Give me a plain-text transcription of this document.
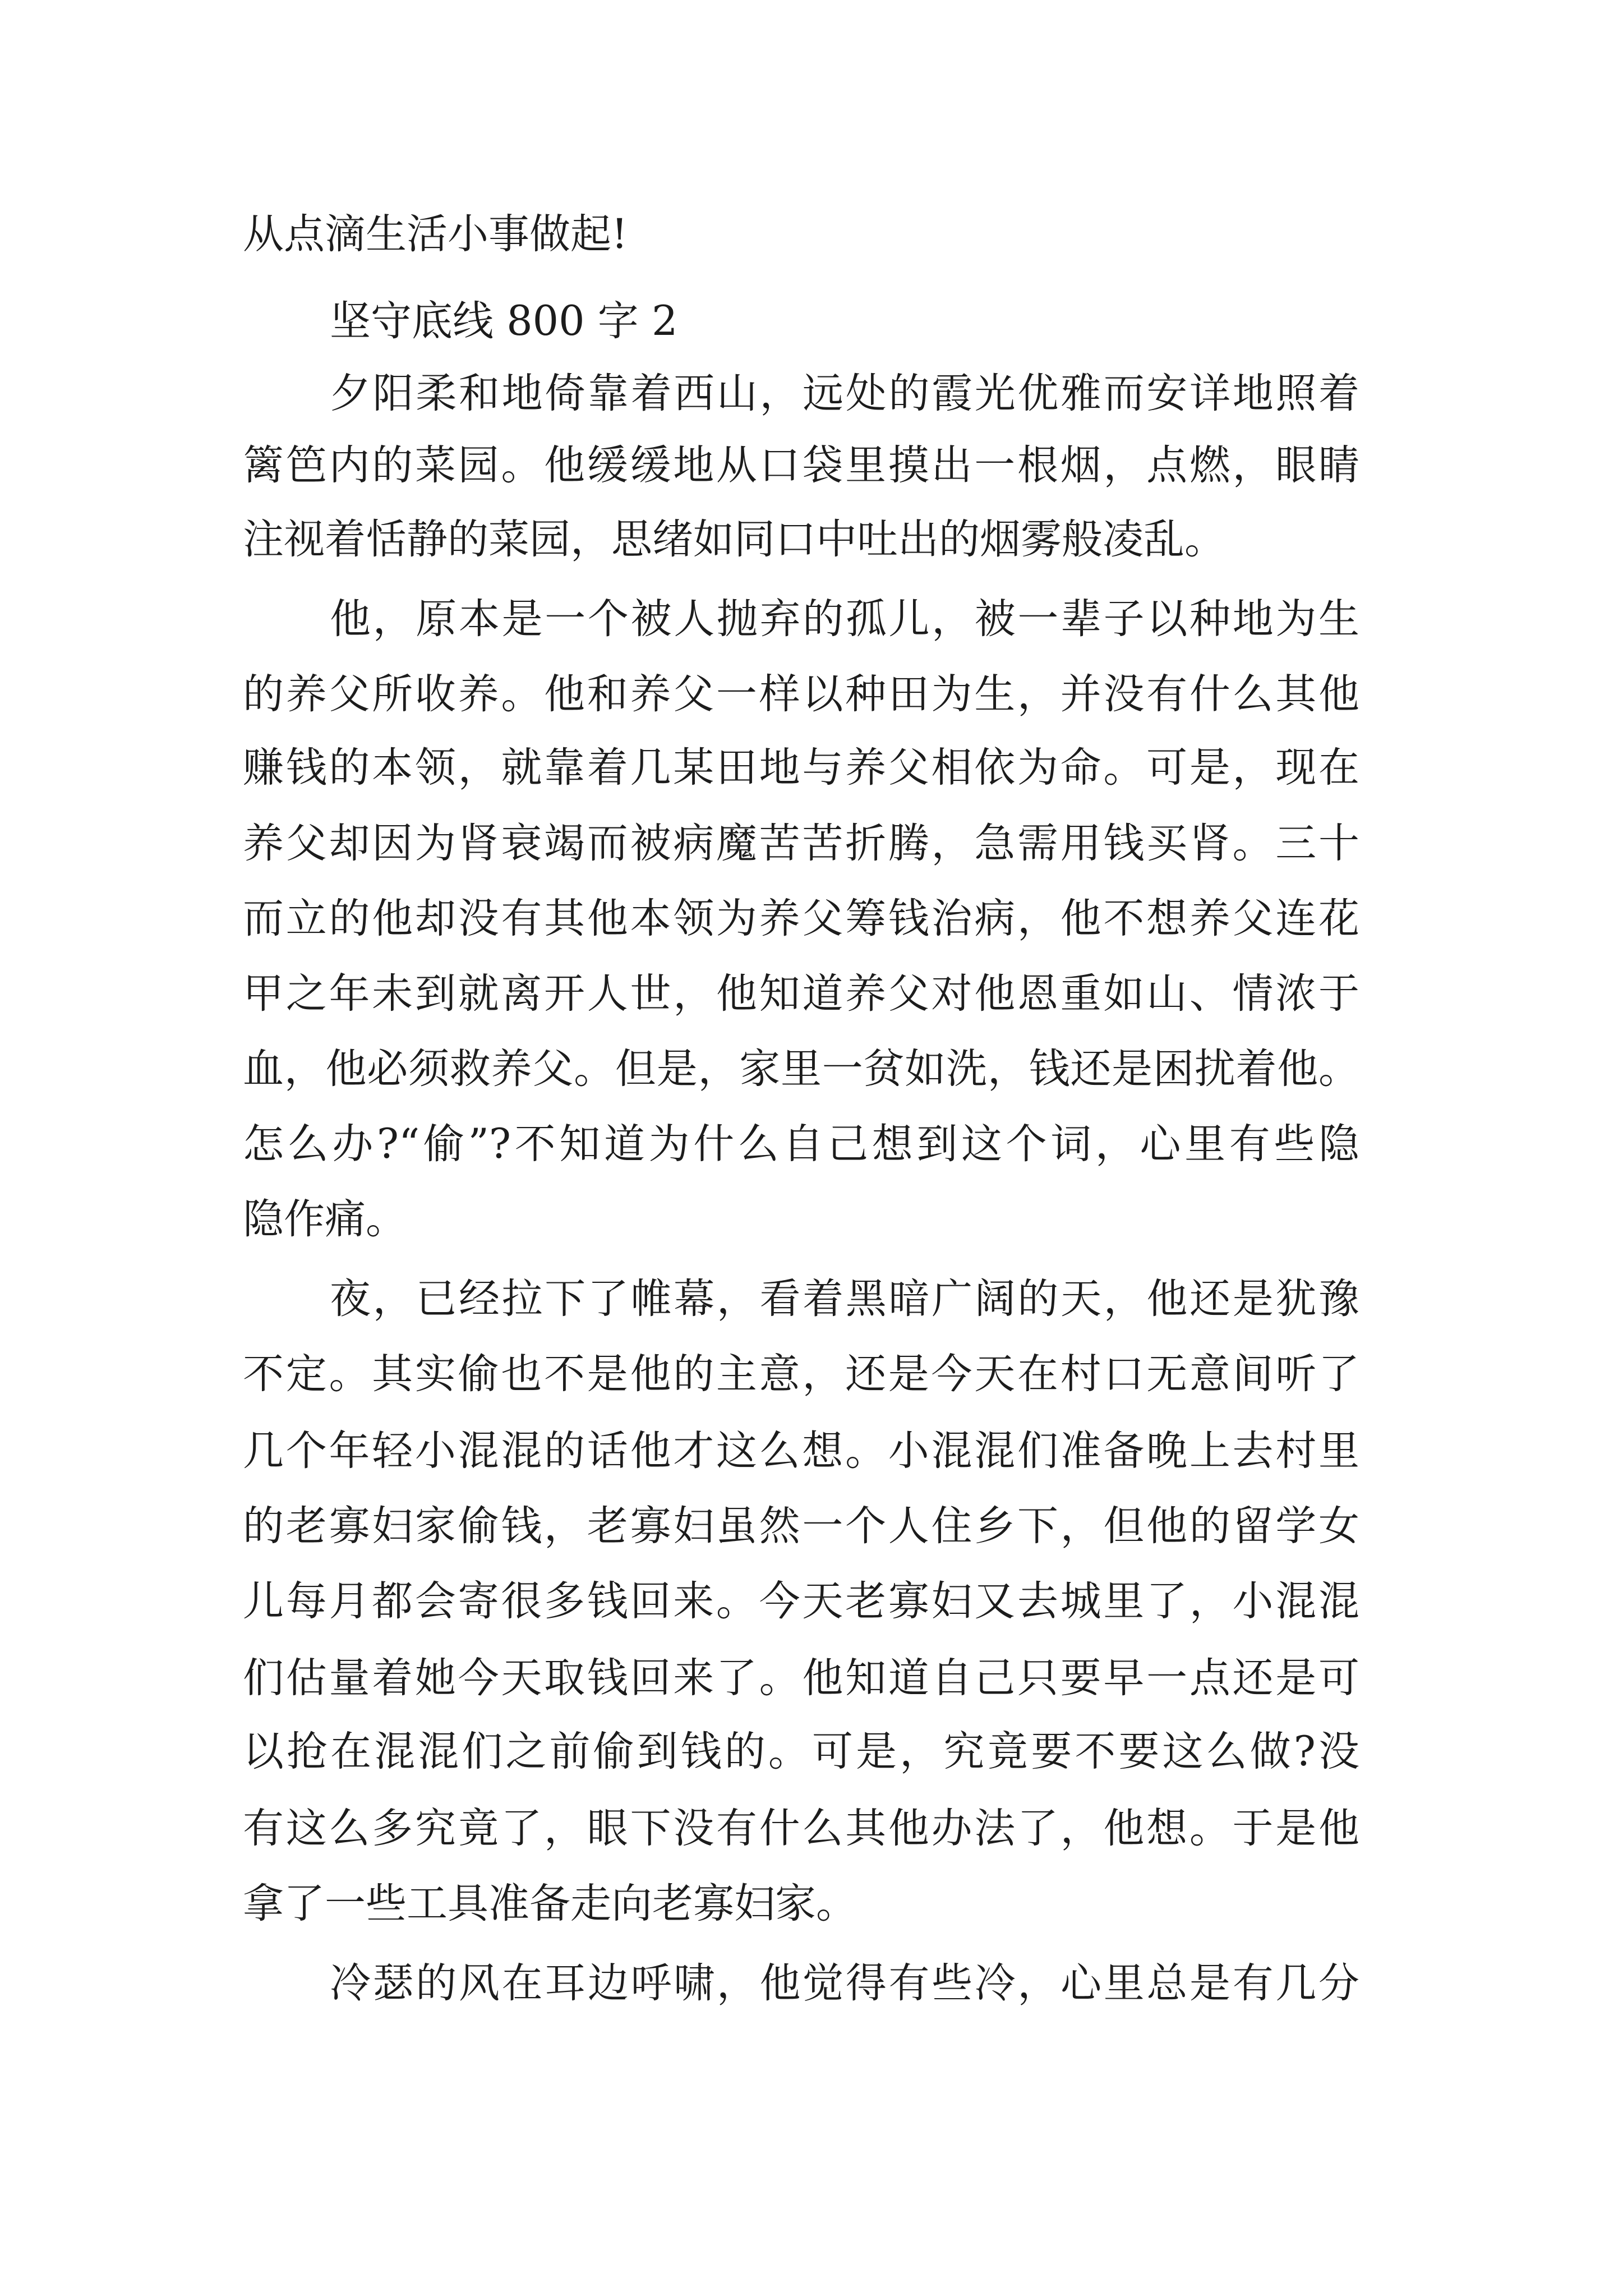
从点滴生活小事做起!
坚守底线 800 字 2
夕阳柔和地倚靠着西山，远处的霞光优雅而安详地照着
篱笆内的菜园。他缓缓地从口袋里摸出一根烟，点燃，眼睛
注视着恬静的菜园，思绪如同口中吐出的烟雾般凌乱。
他，原本是一个被人抛弃的孤儿，被一辈子以种地为生
的养父所收养。他和养父一样以种田为生，并没有什么其他
赚钱的本领，就靠着几某田地与养父相依为命。可是，现在
养父却因为肾衰竭而被病魔苦苦折腾，急需用钱买肾。三十
而立的他却没有其他本领为养父筹钱治病，他不想养父连花
甲之年未到就离开人世，他知道养父对他恩重如山、情浓于
血，他必须救养父。但是，家里一贫如洗，钱还是困扰着他。
怎么办?“偷”?不知道为什么自己想到这个词，心里有些隐
隐作痛。
夜，已经拉下了帷幕，看着黑暗广阔的天，他还是犹豫
不定。其实偷也不是他的主意，还是今天在村口无意间听了
几个年轻小混混的话他才这么想。小混混们准备晚上去村里
的老寡妇家偷钱，老寡妇虽然一个人住乡下，但他的留学女
儿每月都会寄很多钱回来。今天老寡妇又去城里了，小混混
们估量着她今天取钱回来了。他知道自己只要早一点还是可
以抢在混混们之前偷到钱的。可是，究竟要不要这么做?没
有这么多究竟了，眼下没有什么其他办法了，他想。于是他
拿了一些工具准备走向老寡妇家。
冷瑟的风在耳边呼啸，他觉得有些冷，心里总是有几分
